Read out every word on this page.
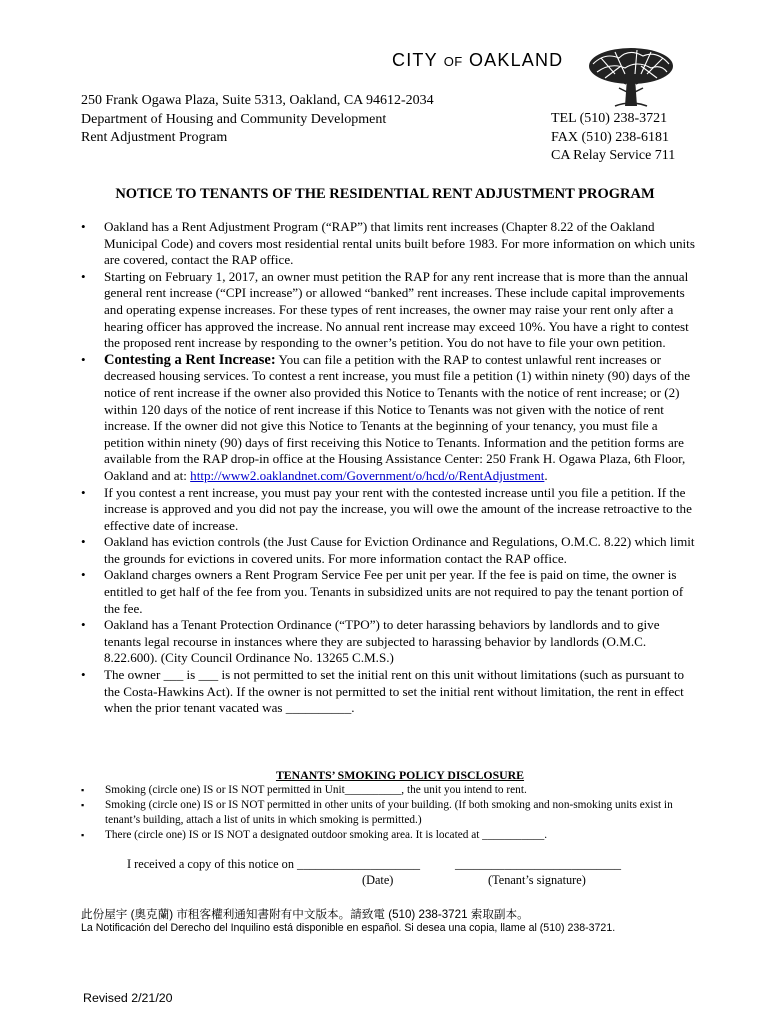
CITY OF OAKLAND
250 Frank Ogawa Plaza, Suite 5313, Oakland, CA 94612-2034
Department of Housing and Community Development
Rent Adjustment Program
TEL (510) 238-3721
FAX (510) 238-6181
CA Relay Service 711
NOTICE TO TENANTS OF THE RESIDENTIAL RENT ADJUSTMENT PROGRAM
• Oakland has a Rent Adjustment Program (“RAP”) that limits rent increases (Chapter 8.22 of the Oakland Municipal Code) and covers most residential rental units built before 1983. For more information on which units are covered, contact the RAP office.
• Starting on February 1, 2017, an owner must petition the RAP for any rent increase that is more than the annual general rent increase (“CPI increase”) or allowed “banked” rent increases. These include capital improvements and operating expense increases. For these types of rent increases, the owner may raise your rent only after a hearing officer has approved the increase. No annual rent increase may exceed 10%. You have a right to contest the proposed rent increase by responding to the owner’s petition. You do not have to file your own petition.
• Contesting a Rent Increase: You can file a petition with the RAP to contest unlawful rent increases or decreased housing services. To contest a rent increase, you must file a petition (1) within ninety (90) days of the notice of rent increase if the owner also provided this Notice to Tenants with the notice of rent increase; or (2) within 120 days of the notice of rent increase if this Notice to Tenants was not given with the notice of rent increase. If the owner did not give this Notice to Tenants at the beginning of your tenancy, you must file a petition within ninety (90) days of first receiving this Notice to Tenants. Information and the petition forms are available from the RAP drop-in office at the Housing Assistance Center: 250 Frank H. Ogawa Plaza, 6th Floor, Oakland and at: http://www2.oaklandnet.com/Government/o/hcd/o/RentAdjustment.
• If you contest a rent increase, you must pay your rent with the contested increase until you file a petition. If the increase is approved and you did not pay the increase, you will owe the amount of the increase retroactive to the effective date of increase.
• Oakland has eviction controls (the Just Cause for Eviction Ordinance and Regulations, O.M.C. 8.22) which limit the grounds for evictions in covered units. For more information contact the RAP office.
• Oakland charges owners a Rent Program Service Fee per unit per year. If the fee is paid on time, the owner is entitled to get half of the fee from you. Tenants in subsidized units are not required to pay the tenant portion of the fee.
• Oakland has a Tenant Protection Ordinance (“TPO”) to deter harassing behaviors by landlords and to give tenants legal recourse in instances where they are subjected to harassing behavior by landlords (O.M.C. 8.22.600). (City Council Ordinance No. 13265 C.M.S.)
• The owner ___ is ___ is not permitted to set the initial rent on this unit without limitations (such as pursuant to the Costa-Hawkins Act). If the owner is not permitted to set the initial rent without limitation, the rent in effect when the prior tenant vacated was __________.
TENANTS’ SMOKING POLICY DISCLOSURE
▪ Smoking (circle one) IS or IS NOT permitted in Unit__________, the unit you intend to rent.
▪ Smoking (circle one) IS or IS NOT permitted in other units of your building. (If both smoking and non-smoking units exist in tenant’s building, attach a list of units in which smoking is permitted.)
▪ There (circle one) IS or IS NOT a designated outdoor smoking area. It is located at ___________.
I received a copy of this notice on ____________________
(Date)
___________________________
(Tenant’s signature)
此份屋宇 (奧克蘭) 市租客權利通知書附有中文版本。請致電 (510) 238-3721 索取副本。
La Notificación del Derecho del Inquilino está disponible en español. Si desea una copia, llame al (510) 238-3721.
Revised 2/21/20
